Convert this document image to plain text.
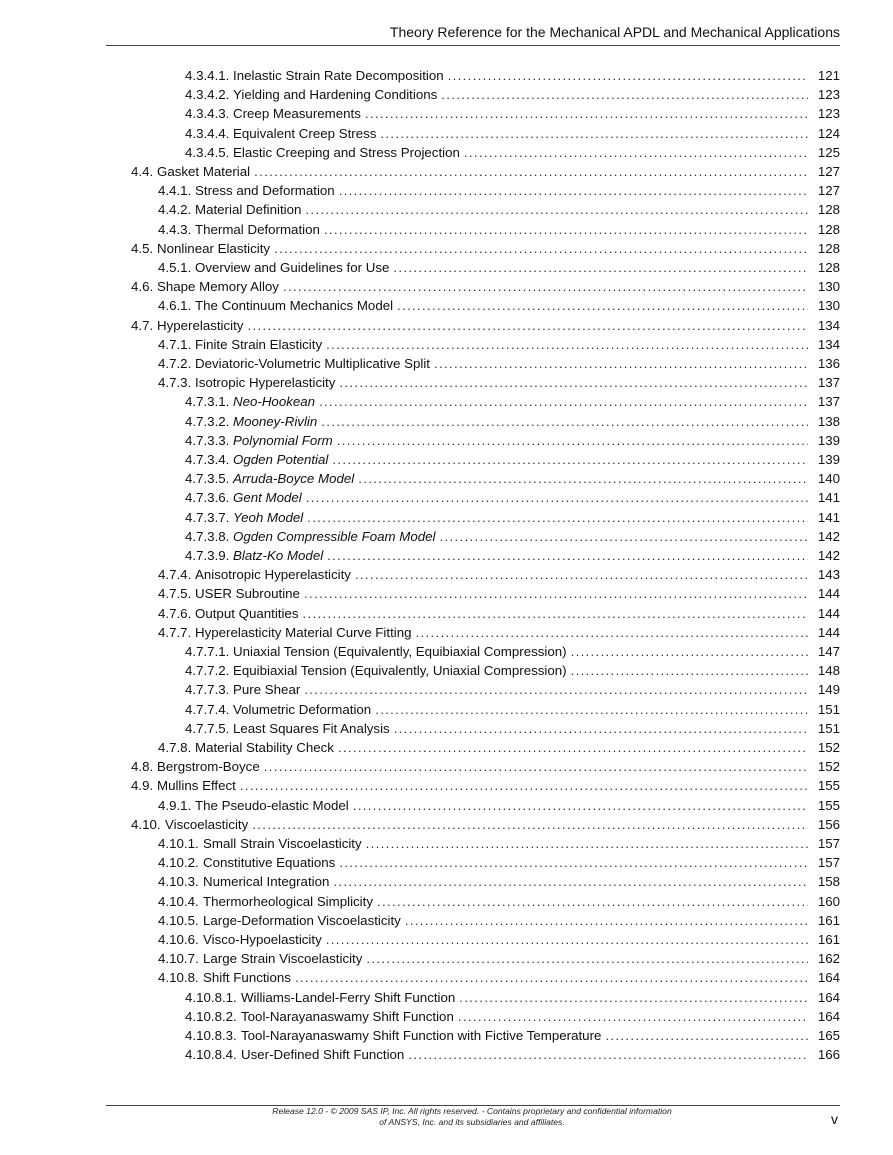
Theory Reference for the Mechanical APDL and Mechanical Applications
4.3.4.1. Inelastic Strain Rate Decomposition .....	121
4.3.4.2. Yielding and Hardening Conditions .....	123
4.3.4.3. Creep Measurements .....	123
4.3.4.4. Equivalent Creep Stress .....	124
4.3.4.5. Elastic Creeping and Stress Projection .....	125
4.4. Gasket Material .....	127
4.4.1. Stress and Deformation .....	127
4.4.2. Material Definition .....	128
4.4.3. Thermal Deformation .....	128
4.5. Nonlinear Elasticity .....	128
4.5.1. Overview and Guidelines for Use .....	128
4.6. Shape Memory Alloy .....	130
4.6.1. The Continuum Mechanics Model .....	130
4.7. Hyperelasticity .....	134
4.7.1. Finite Strain Elasticity .....	134
4.7.2. Deviatoric-Volumetric Multiplicative Split .....	136
4.7.3. Isotropic Hyperelasticity .....	137
4.7.3.1. Neo-Hookean .....	137
4.7.3.2. Mooney-Rivlin .....	138
4.7.3.3. Polynomial Form .....	139
4.7.3.4. Ogden Potential .....	139
4.7.3.5. Arruda-Boyce Model .....	140
4.7.3.6. Gent Model .....	141
4.7.3.7. Yeoh Model .....	141
4.7.3.8. Ogden Compressible Foam Model .....	142
4.7.3.9. Blatz-Ko Model .....	142
4.7.4. Anisotropic Hyperelasticity .....	143
4.7.5. USER Subroutine .....	144
4.7.6. Output Quantities .....	144
4.7.7. Hyperelasticity Material Curve Fitting .....	144
4.7.7.1. Uniaxial Tension (Equivalently, Equibiaxial Compression) .....	147
4.7.7.2. Equibiaxial Tension (Equivalently, Uniaxial Compression) .....	148
4.7.7.3. Pure Shear .....	149
4.7.7.4. Volumetric Deformation .....	151
4.7.7.5. Least Squares Fit Analysis .....	151
4.7.8. Material Stability Check .....	152
4.8. Bergstrom-Boyce .....	152
4.9. Mullins Effect .....	155
4.9.1. The Pseudo-elastic Model .....	155
4.10. Viscoelasticity .....	156
4.10.1. Small Strain Viscoelasticity .....	157
4.10.2. Constitutive Equations .....	157
4.10.3. Numerical Integration .....	158
4.10.4. Thermorheological Simplicity .....	160
4.10.5. Large-Deformation Viscoelasticity .....	161
4.10.6. Visco-Hypoelasticity .....	161
4.10.7. Large Strain Viscoelasticity .....	162
4.10.8. Shift Functions .....	164
4.10.8.1. Williams-Landel-Ferry Shift Function .....	164
4.10.8.2. Tool-Narayanaswamy Shift Function .....	164
4.10.8.3. Tool-Narayanaswamy Shift Function with Fictive Temperature .....	165
4.10.8.4. User-Defined Shift Function .....	166
Release 12.0 - © 2009 SAS IP, Inc. All rights reserved. - Contains proprietary and confidential information
of ANSYS, Inc. and its subsidiaries and affiliates.	v
